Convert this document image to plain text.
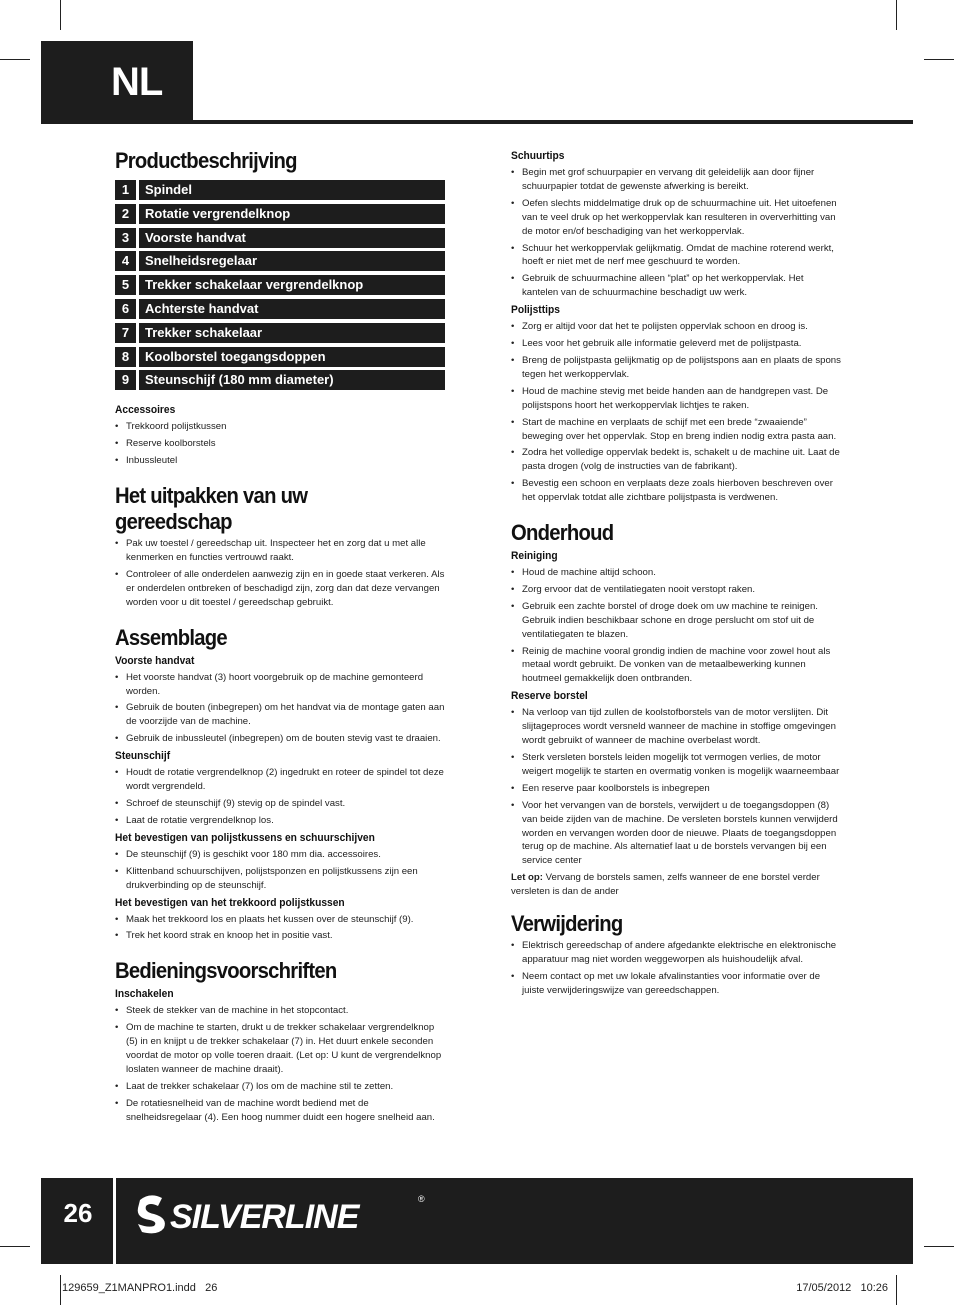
NL
Productbeschrijving
1	Spindel
2	Rotatie vergrendelknop
3	Voorste handvat
4	Snelheidsregelaar
5	Trekker schakelaar vergrendelknop
6	Achterste handvat
7	Trekker schakelaar
8	Koolborstel toegangsdoppen
9	Steunschijf (180 mm diameter)
Accessoires
• Trekkoord polijstkussen
• Reserve koolborstels
• Inbussleutel
Het uitpakken van uw
gereedschap
• Pak uw toestel / gereedschap uit. Inspecteer het en zorg dat u met alle kenmerken en functies vertrouwd raakt.
• Controleer of alle onderdelen aanwezig zijn en in goede staat verkeren. Als er onderdelen ontbreken of beschadigd zijn, zorg dan dat deze vervangen worden voor u dit toestel / gereedschap gebruikt.
Assemblage
Voorste handvat
• Het voorste handvat (3) hoort voorgebruik op de machine gemonteerd worden.
• Gebruik de bouten (inbegrepen) om het handvat via de montage gaten aan de voorzijde van de machine.
• Gebruik de inbussleutel (inbegrepen) om de bouten stevig vast te draaien.
Steunschijf
• Houdt de rotatie vergrendelknop (2) ingedrukt en roteer de spindel tot deze wordt vergrendeld.
• Schroef de steunschijf (9) stevig op de spindel vast.
• Laat de rotatie vergrendelknop los.
Het bevestigen van polijstkussens en schuurschijven
• De steunschijf (9) is geschikt voor 180 mm dia. accessoires.
• Klittenband schuurschijven, polijstsponzen en polijstkussens zijn een drukverbinding op de steunschijf.
Het bevestigen van het trekkoord polijstkussen
• Maak het trekkoord los en plaats het kussen over de steunschijf (9).
• Trek het koord strak en knoop het in positie vast.
Bedieningsvoorschriften
Inschakelen
• Steek de stekker van de machine in het stopcontact.
• Om de machine te starten, drukt u de trekker schakelaar vergrendelknop (5) in en knijpt u de trekker schakelaar (7) in. Het duurt enkele seconden voordat de motor op volle toeren draait. (Let op: U kunt de vergrendelknop loslaten wanneer de machine draait).
• Laat de trekker schakelaar (7) los om de machine stil te zetten.
• De rotatiesnelheid van de machine wordt bediend met de snelheidsregelaar (4). Een hoog nummer duidt een hogere snelheid aan.
Schuurtips
• Begin met grof schuurpapier en vervang dit geleidelijk aan door fijner schuurpapier totdat de gewenste afwerking is bereikt.
• Oefen slechts middelmatige druk op de schuurmachine uit. Het uitoefenen van te veel druk op het werkoppervlak kan resulteren in oververhitting van de motor en/of beschadiging van het werkoppervlak.
• Schuur het werkoppervlak gelijkmatig. Omdat de machine roterend werkt, hoeft er niet met de nerf mee geschuurd te worden.
• Gebruik de schuurmachine alleen “plat” op het werkoppervlak. Het kantelen van de schuurmachine beschadigt uw werk.
Polijsttips
• Zorg er altijd voor dat het te polijsten oppervlak schoon en droog is.
• Lees voor het gebruik alle informatie geleverd met de polijstpasta.
• Breng de polijstpasta gelijkmatig op de polijstspons aan en plaats de spons tegen het werkoppervlak.
• Houd de machine stevig met beide handen aan de handgrepen vast. De polijstspons hoort het werkoppervlak lichtjes te raken.
• Start de machine en verplaats de schijf met een brede “zwaaiende” beweging over het oppervlak. Stop en breng indien nodig extra pasta aan.
• Zodra het volledige oppervlak bedekt is, schakelt u de machine uit. Laat de pasta drogen (volg de instructies van de fabrikant).
• Bevestig een schoon en verplaats deze zoals hierboven beschreven over het oppervlak totdat alle zichtbare polijstpasta is verdwenen.
Onderhoud
Reiniging
• Houd de machine altijd schoon.
• Zorg ervoor dat de ventilatiegaten nooit verstopt raken.
• Gebruik een zachte borstel of droge doek om uw machine te reinigen. Gebruik indien beschikbaar schone en droge perslucht om stof uit de ventilatiegaten te blazen.
• Reinig de machine vooral grondig indien de machine voor zowel hout als metaal wordt gebruikt. De vonken van de metaalbewerking kunnen houtmeel gemakkelijk doen ontbranden.
Reserve borstel
• Na verloop van tijd zullen de koolstofborstels van de motor verslijten. Dit slijtageproces wordt versneld wanneer de machine in stoffige omgevingen wordt gebruikt of wanneer de machine overbelast wordt.
• Sterk versleten borstels leiden mogelijk tot vermogen verlies, de motor weigert mogelijk te starten en overmatig vonken is mogelijk waarneembaar
• Een reserve paar koolborstels is inbegrepen
• Voor het vervangen van de borstels, verwijdert u de toegangsdoppen (8) van beide zijden van de machine. De versleten borstels kunnen verwijderd worden en vervangen worden door de nieuwe. Plaats de toegangsdoppen terug op de machine. Als alternatief laat u de borstels vervangen bij een service center
Let op: Vervang de borstels samen, zelfs wanneer de ene borstel verder versleten is dan de ander
Verwijdering
• Elektrisch gereedschap of andere afgedankte elektrische en elektronische apparatuur mag niet worden weggeworpen als huishoudelijk afval.
• Neem contact op met uw lokale afvalinstanties voor informatie over de juiste verwijderingswijze van gereedschappen.
26	SILVERLINE	®
129659_Z1MANPRO1.indd   26	17/05/2012   10:26
